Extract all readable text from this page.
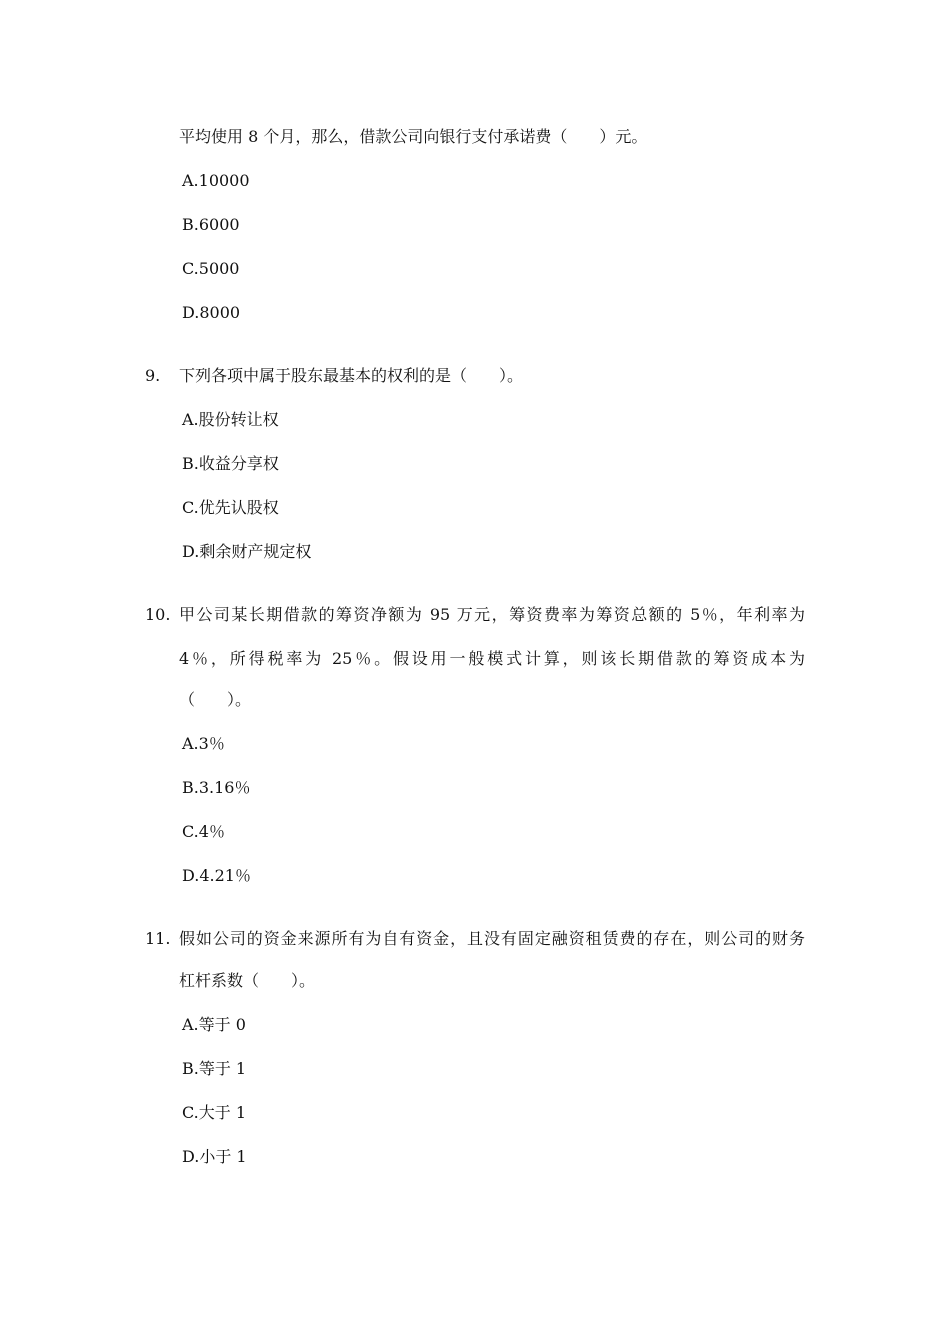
平均使用 8 个月，那么，借款公司向银行支付承诺费（　　）元。
A.10000
B.6000
C.5000
D.8000
9. 下列各项中属于股东最基本的权利的是（　　）。
A.股份转让权
B.收益分享权
C.优先认股权
D.剩余财产规定权
10. 甲公司某长期借款的筹资净额为 95 万元，筹资费率为筹资总额的 5％，年利率为
4％，所得税率为 25％。假设用一般模式计算，则该长期借款的筹资成本为
（　　）。
A.3％
B.3.16％
C.4％
D.4.21％
11. 假如公司的资金来源所有为自有资金，且没有固定融资租赁费的存在，则公司的财务
杠杆系数（　　）。
A.等于 0
B.等于 1
C.大于 1
D.小于 1
